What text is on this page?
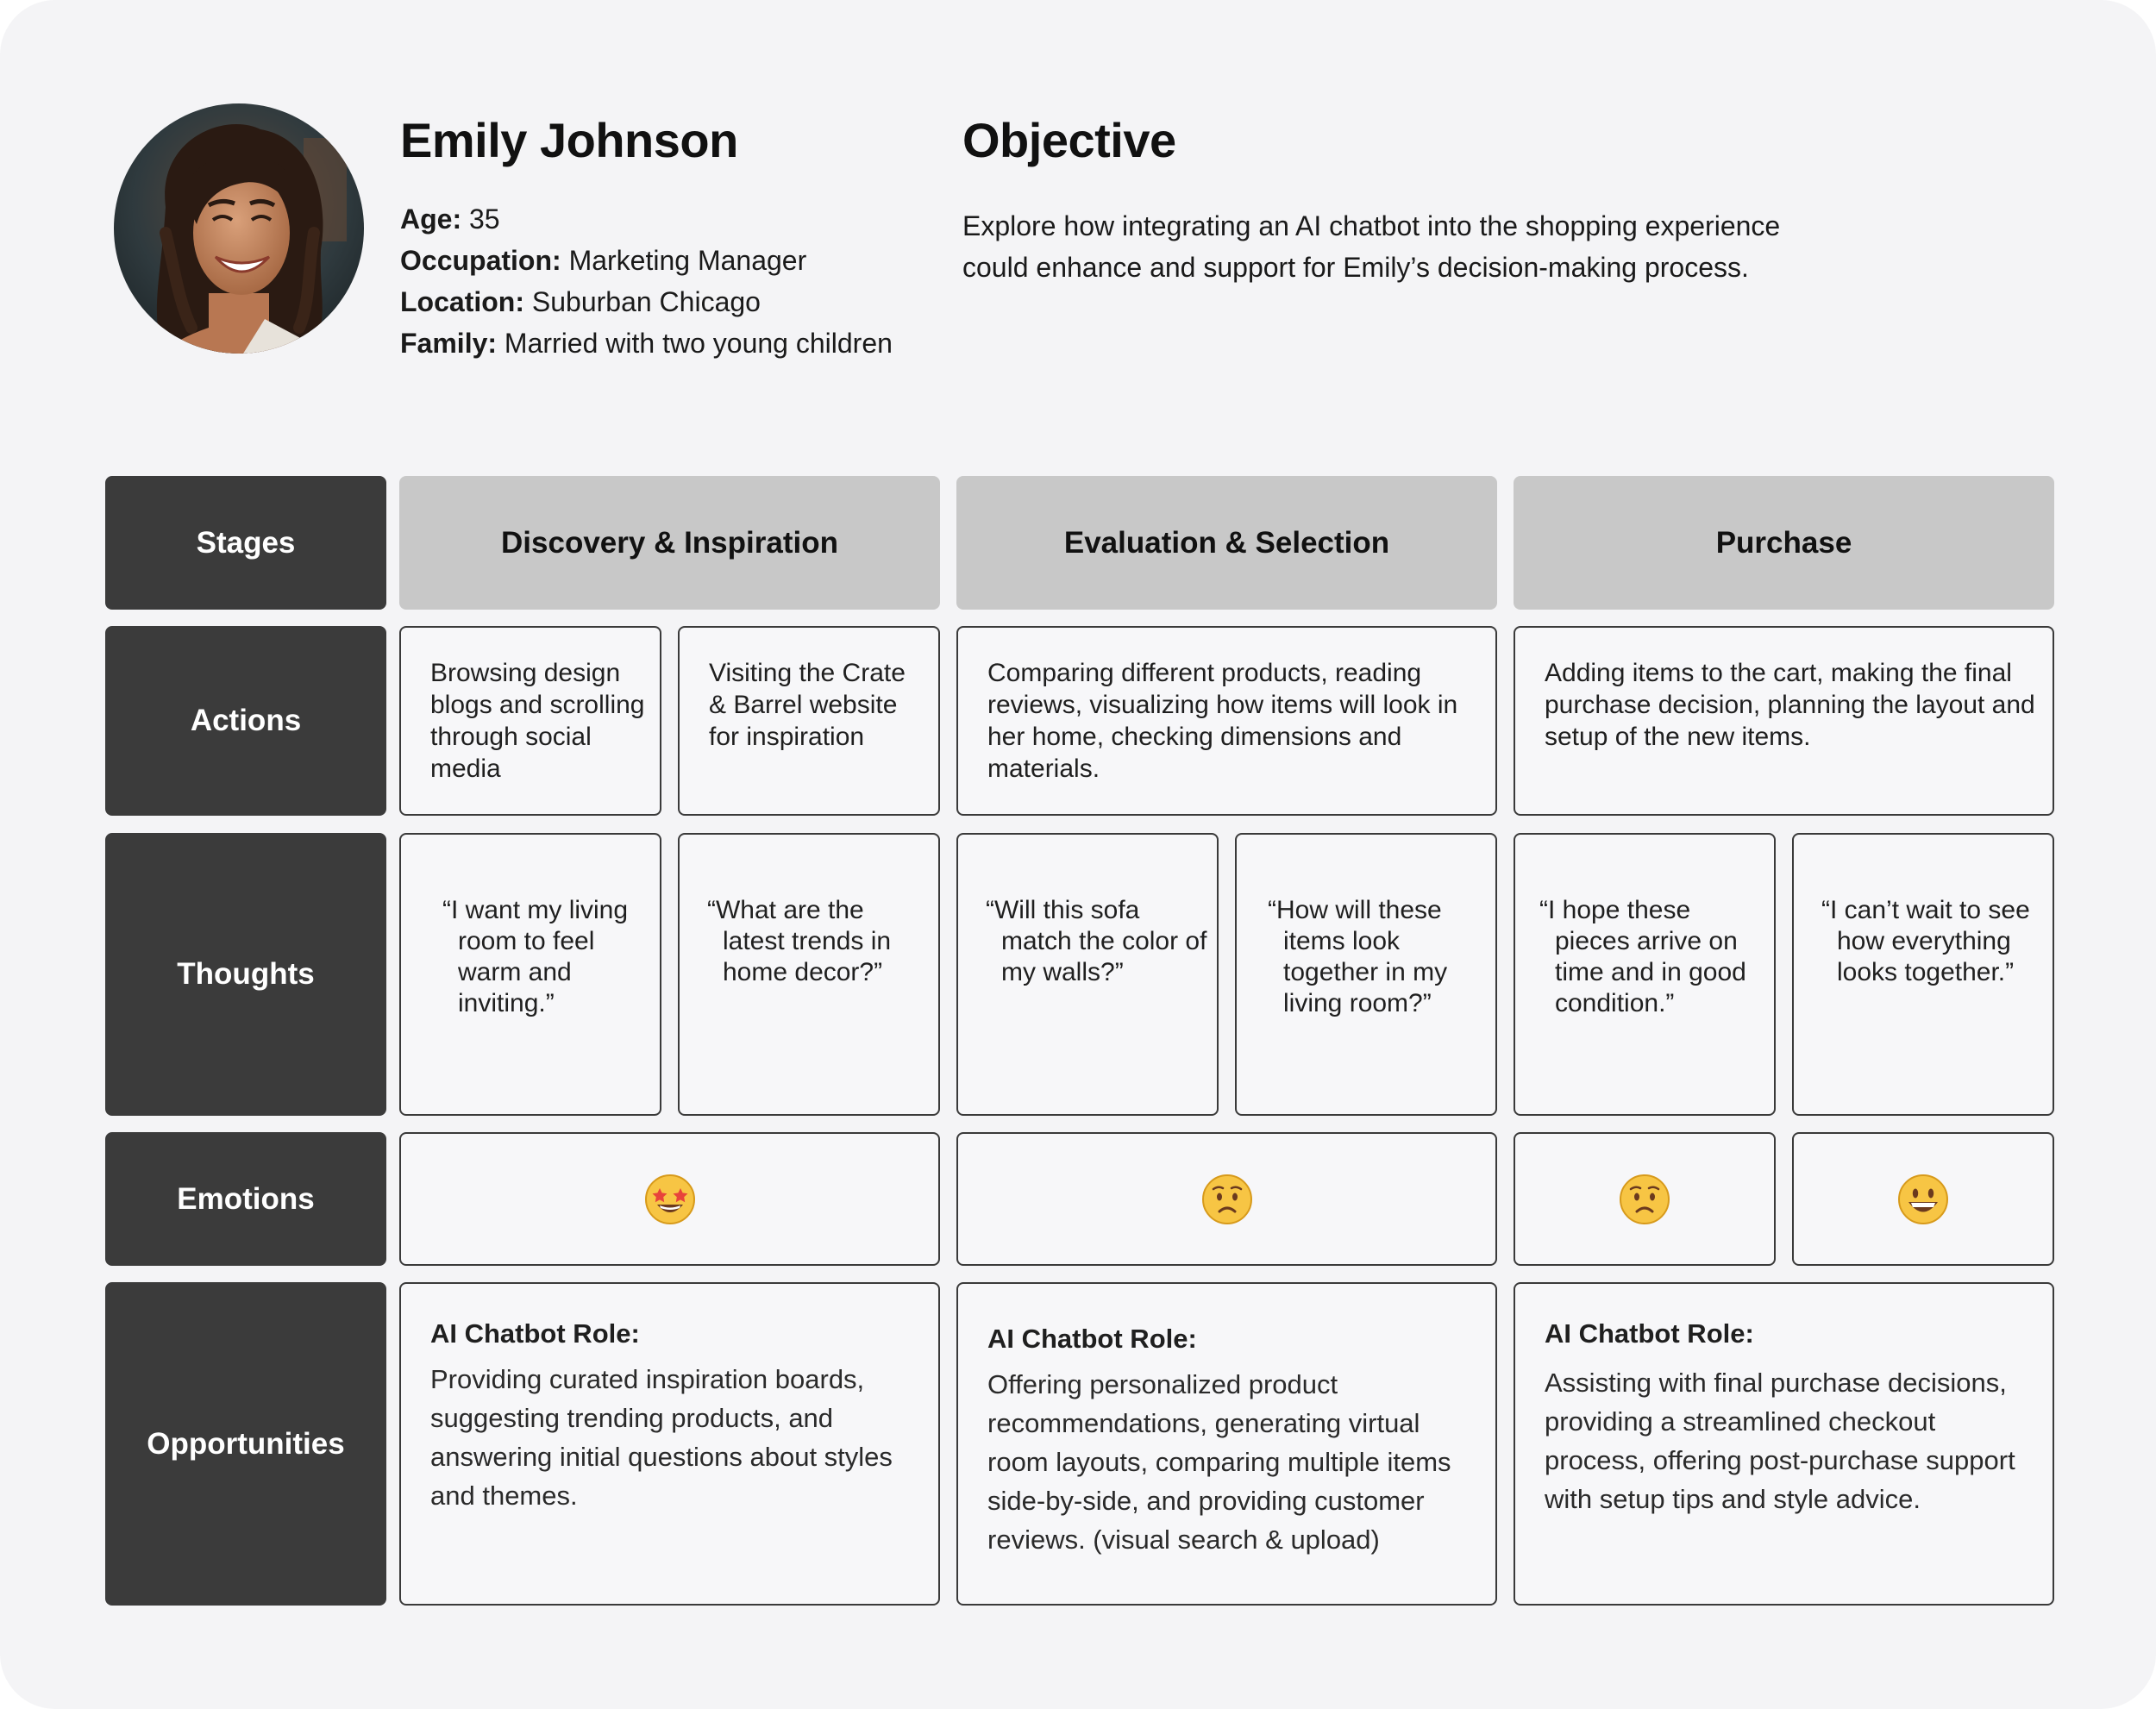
Emily Johnson
Age: 35
Occupation: Marketing Manager
Location: Suburban Chicago
Family: Married with two young children
Objective
Explore how integrating an AI chatbot into the shopping experience could enhance and support for Emily’s decision-making process.
Stages
Actions
Thoughts
Emotions
Opportunities
Discovery & Inspiration	Evaluation & Selection	Purchase
Browsing design blogs and scrolling through social media
Visiting the Crate & Barrel website for inspiration
Comparing different products, reading reviews, visualizing how items will look in her home, checking dimensions and materials.
Adding items to the cart, making the final purchase decision, planning the layout and setup of the new items.
“I want my living room to feel warm and inviting.”
“What are the latest trends in home decor?”
“Will this sofa match the color of my walls?”
“How will these items look together in my living room?”
“I hope these pieces arrive on time and in good condition.”
“I can’t wait to see how everything looks together.”
AI Chatbot Role:
Providing curated inspiration boards, suggesting trending products, and answering initial questions about styles and themes.
AI Chatbot Role:
Offering personalized product recommendations, generating virtual room layouts, comparing multiple items side-by-side, and providing customer reviews. (visual search & upload)
AI Chatbot Role:
Assisting with final purchase decisions, providing a streamlined checkout process, offering post-purchase support with setup tips and style advice.
